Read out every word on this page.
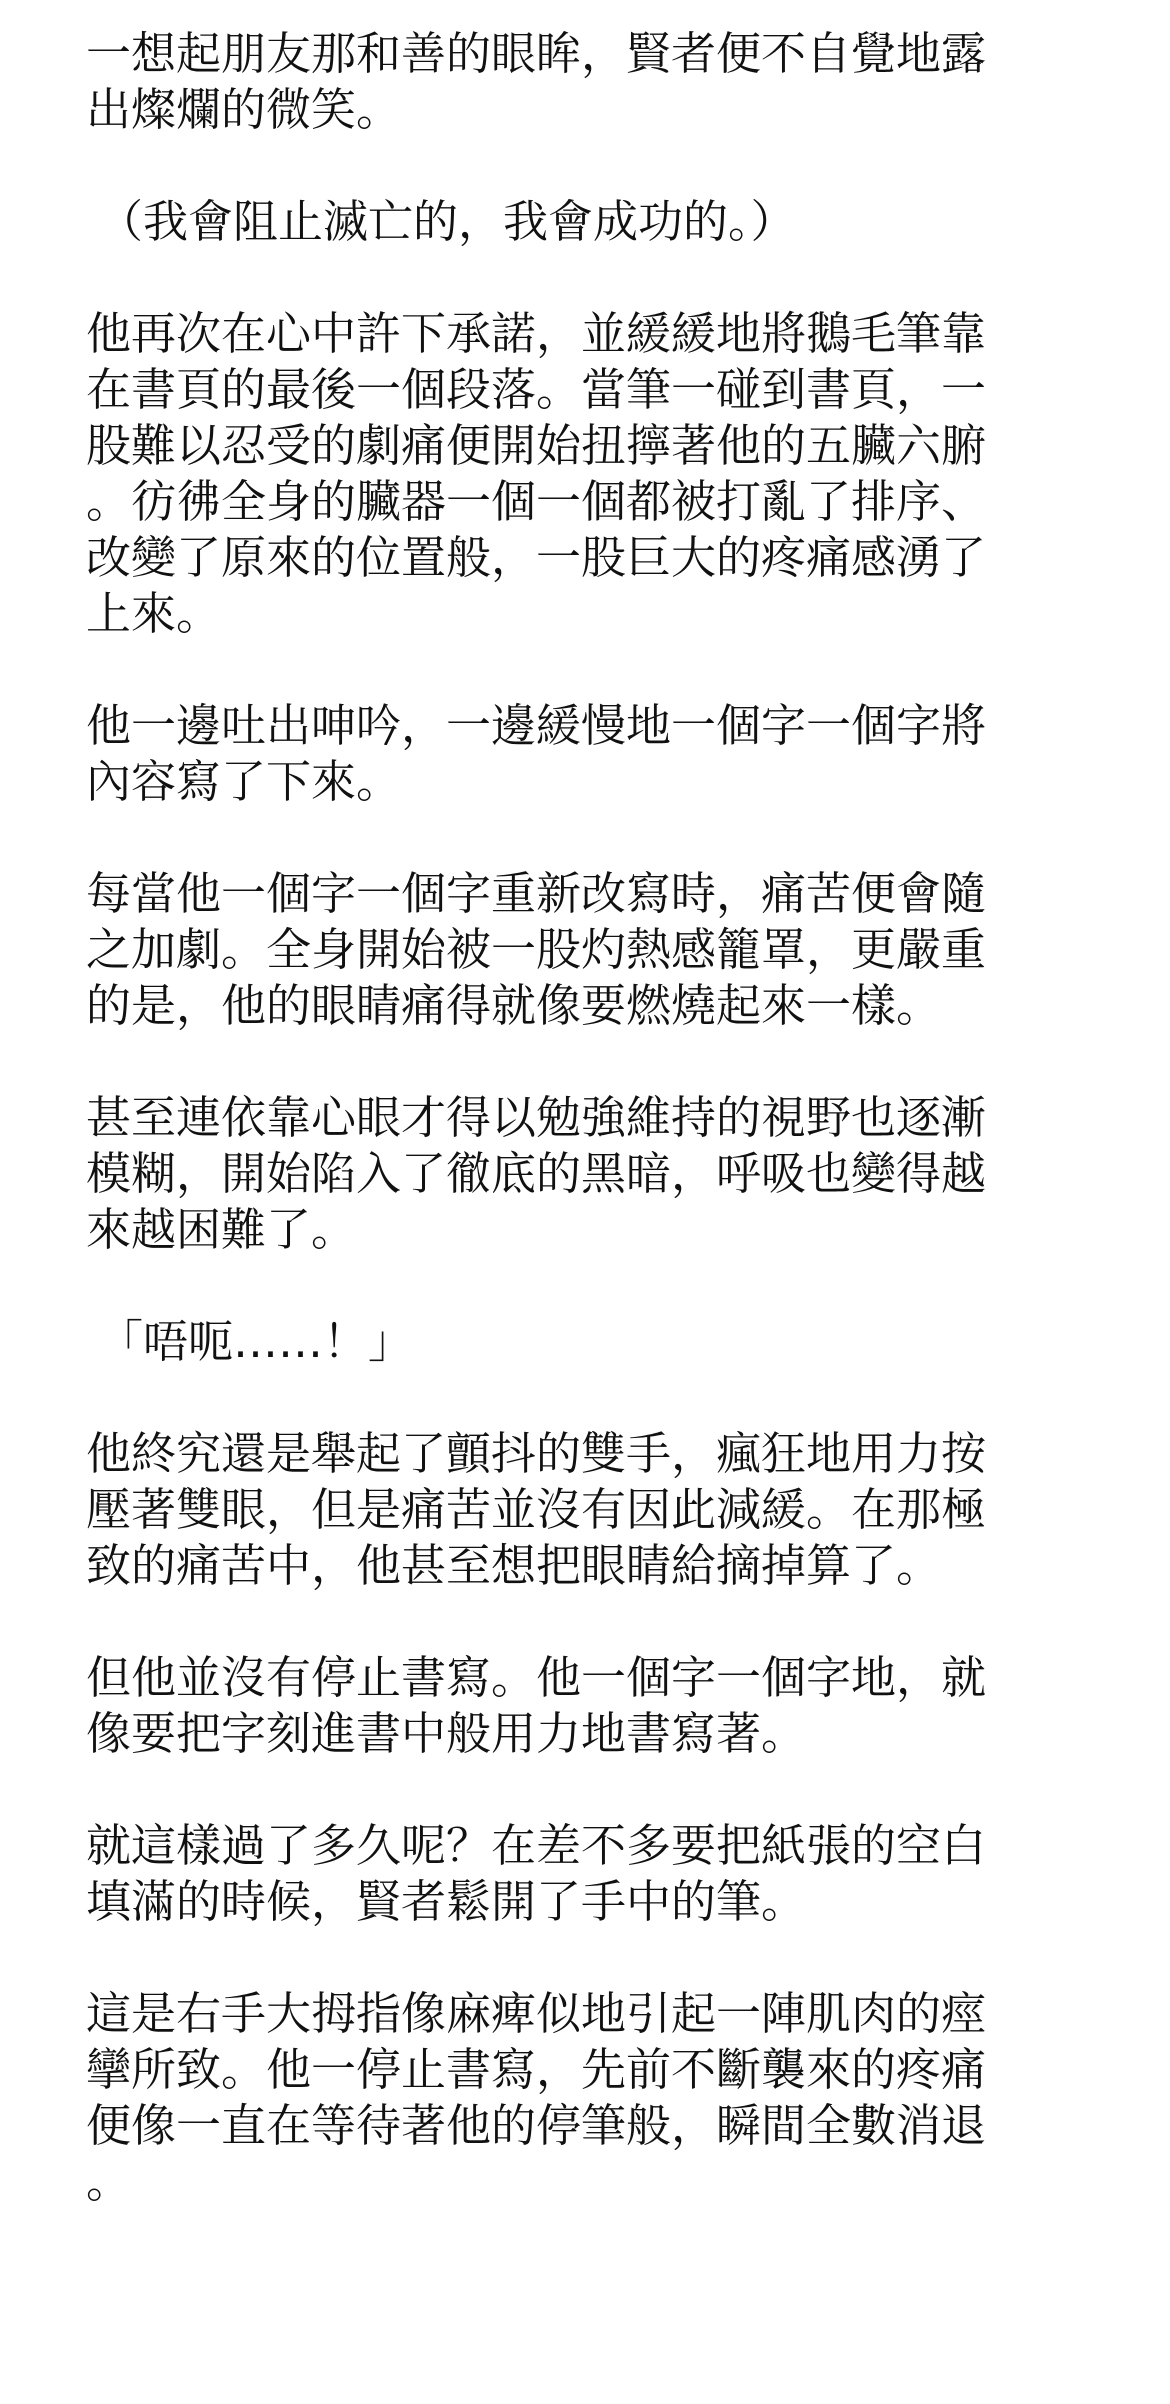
一想起朋友那和善的眼眸，賢者便不自覺地露
出燦爛的微笑。

（我會阻止滅亡的，我會成功的。）

他再次在心中許下承諾，並緩緩地將鵝毛筆靠
在書頁的最後一個段落。當筆一碰到書頁，一
股難以忍受的劇痛便開始扭擰著他的五臟六腑
。彷彿全身的臟器一個一個都被打亂了排序、
改變了原來的位置般，一股巨大的疼痛感湧了
上來。

他一邊吐出呻吟，一邊緩慢地一個字一個字將
內容寫了下來。

每當他一個字一個字重新改寫時，痛苦便會隨
之加劇。全身開始被一股灼熱感籠罩，更嚴重
的是，他的眼睛痛得就像要燃燒起來一樣。

甚至連依靠心眼才得以勉強維持的視野也逐漸
模糊，開始陷入了徹底的黑暗，呼吸也變得越
來越困難了。

「唔呃……！」

他終究還是舉起了顫抖的雙手，瘋狂地用力按
壓著雙眼，但是痛苦並沒有因此減緩。在那極
致的痛苦中，他甚至想把眼睛給摘掉算了。

但他並沒有停止書寫。他一個字一個字地，就
像要把字刻進書中般用力地書寫著。

就這樣過了多久呢？在差不多要把紙張的空白
填滿的時候，賢者鬆開了手中的筆。

這是右手大拇指像麻痺似地引起一陣肌肉的痙
攣所致。他一停止書寫，先前不斷襲來的疼痛
便像一直在等待著他的停筆般，瞬間全數消退
。
